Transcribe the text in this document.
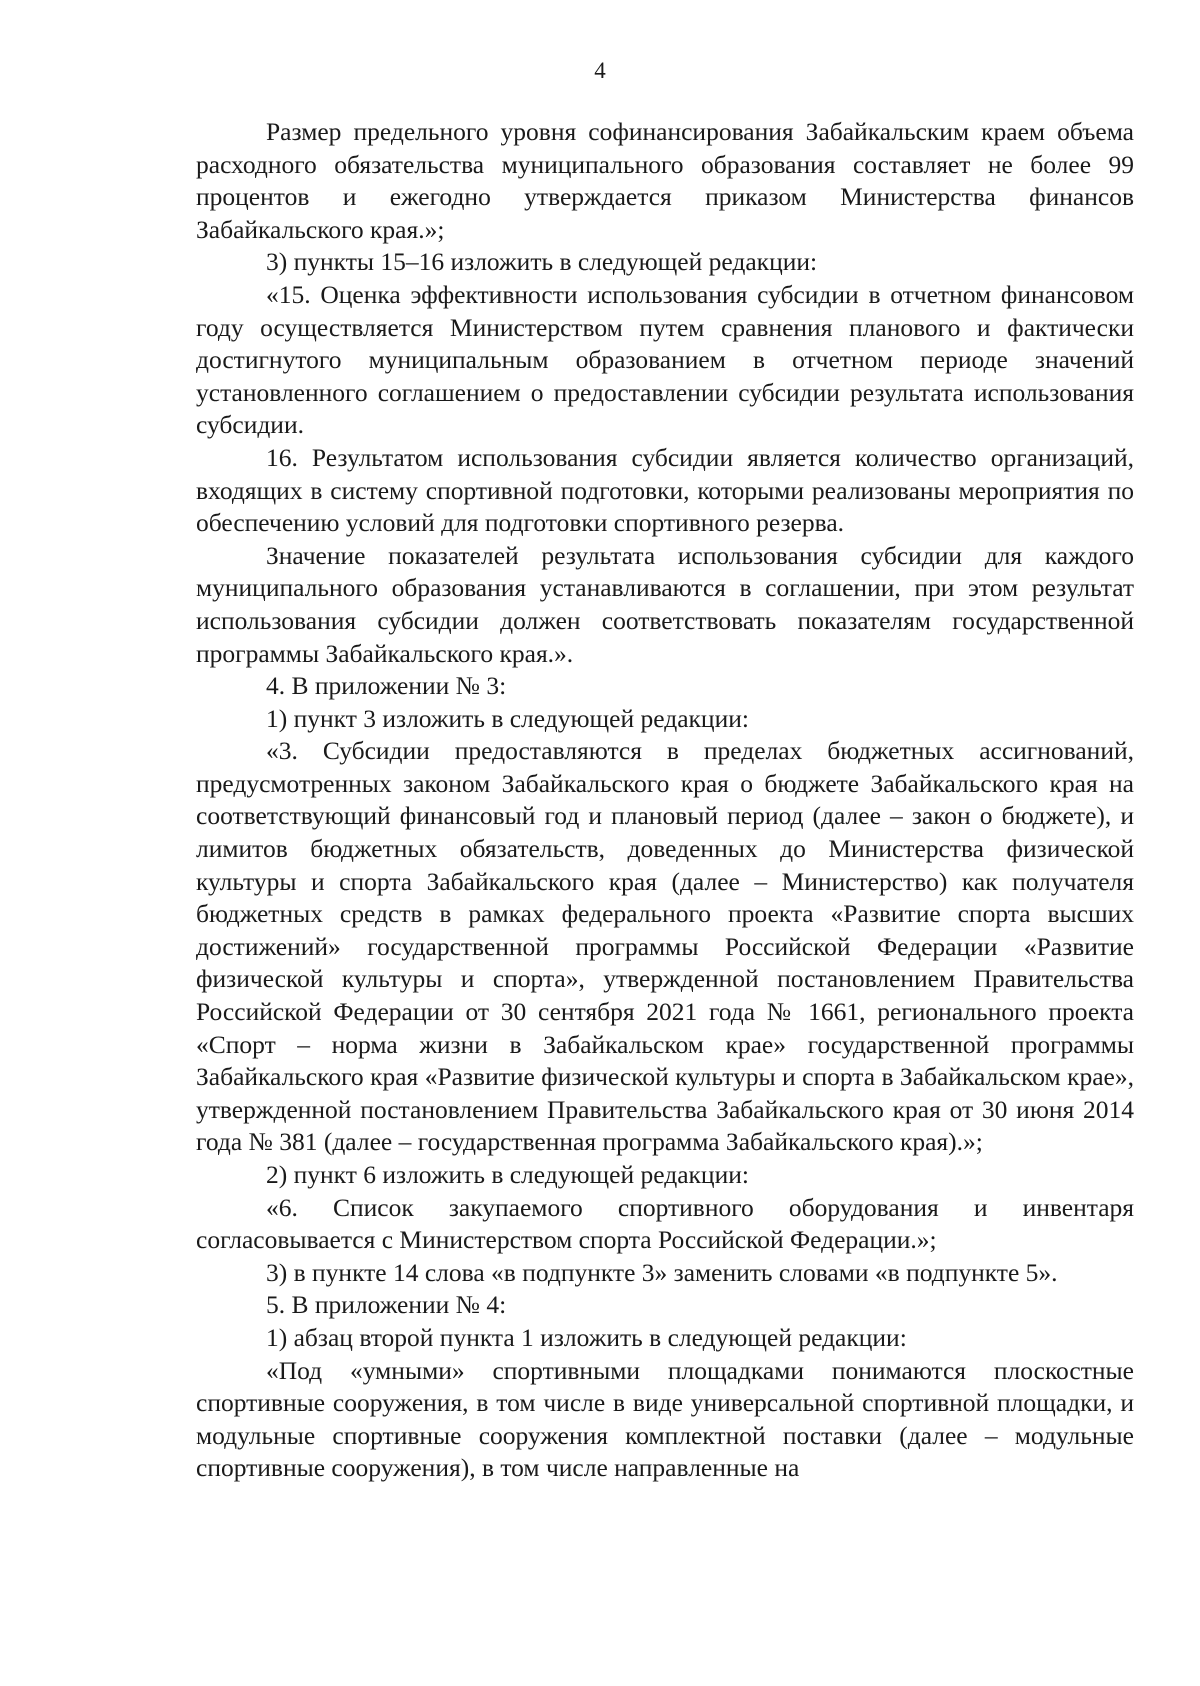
4

Размер предельного уровня софинансирования Забайкальским краем объема расходного обязательства муниципального образования составляет не более 99 процентов и ежегодно утверждается приказом Министерства финансов Забайкальского края.»;

3) пункты 15–16 изложить в следующей редакции:

«15. Оценка эффективности использования субсидии в отчетном финансовом году осуществляется Министерством путем сравнения планового и фактически достигнутого муниципальным образованием в отчетном периоде значений установленного соглашением о предоставлении субсидии результата использования субсидии.

16. Результатом использования субсидии является количество организаций, входящих в систему спортивной подготовки, которыми реализованы мероприятия по обеспечению условий для подготовки спортивного резерва.

Значение показателей результата использования субсидии для каждого муниципального образования устанавливаются в соглашении, при этом результат использования субсидии должен соответствовать показателям государственной программы Забайкальского края.».

4. В приложении № 3:

1) пункт 3 изложить в следующей редакции:

«3. Субсидии предоставляются в пределах бюджетных ассигнований, предусмотренных законом Забайкальского края о бюджете Забайкальского края на соответствующий финансовый год и плановый период (далее – закон о бюджете), и лимитов бюджетных обязательств, доведенных до Министерства физической культуры и спорта Забайкальского края (далее – Министерство) как получателя бюджетных средств в рамках федерального проекта «Развитие спорта высших достижений» государственной программы Российской Федерации «Развитие физической культуры и спорта», утвержденной постановлением Правительства Российской Федерации от 30 сентября 2021 года № 1661, регионального проекта «Спорт – норма жизни в Забайкальском крае» государственной программы Забайкальского края «Развитие физической культуры и спорта в Забайкальском крае», утвержденной постановлением Правительства Забайкальского края от 30 июня 2014 года № 381 (далее – государственная программа Забайкальского края).»;

2) пункт 6 изложить в следующей редакции:

«6. Список закупаемого спортивного оборудования и инвентаря согласовывается с Министерством спорта Российской Федерации.»;

3) в пункте 14 слова «в подпункте 3» заменить словами «в подпункте 5».

5. В приложении № 4:

1) абзац второй пункта 1 изложить в следующей редакции:

«Под «умными» спортивными площадками понимаются плоскостные спортивные сооружения, в том числе в виде универсальной спортивной площадки, и модульные спортивные сооружения комплектной поставки (далее – модульные спортивные сооружения), в том числе направленные на
